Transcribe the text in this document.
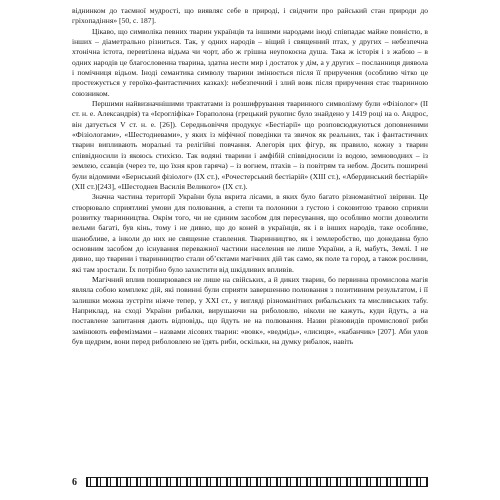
віднинком до таємної мудрості, що виявляє себе в природі, і свідчити про райський стан природи до гріхопадіння» [50, с. 187].

Цікаво, що символіка певних тварин українців та іншими народами іноді співпадає майже повністю, в інших – діаметрально різниться. Так, у одних народів – віщий і священний птах, у других – небезпечна хтонічна істота, перевтілена відьма чи чорт, або ж грішна неупокоєна душа. Така ж історія і з жабою – в одних народів це благословенна тварина, здатна нести мир і достаток у дім, а у других – посланниця диявола і помічниця відьом. Іноді семантика символу тварини змінюється після її приручення (особливо чітко це простежується у героїко-фантастичних казках): небезпечний і злий вовк після приручення стає тваринною союзником.

Першими найвизначнішими трактатами із розшифрування тваринного символізму були «Фізіолог» (ІІ ст. н. е. Александрія) та «Ієрогліфіка» Гораполона (грецький рукопис було знайдено у 1419 році на о. Андрос, він датується V ст. н. е. [26]). Середньовіччя продукує «Бестіарії» що розповсюджуються доповненими «Фізіологами», «Шестодневами», у яких із міфічної поведінки та звичок як реальних, так і фантастичних тварин випливають моральні та релігійні повчання. Алегорія цих фігур, як правило, кожну з тварин співвідносили із якоюсь стихією. Так водяні тварини і амфібій співвідносили із водою, земноводних – із землею, ссавців (через те, що їхня кров гаряча) – із вогнем, птахів – із повітрям та небом. Досить поширені були відомими «Бернський фізіолог» (ІХ ст.), «Рочестерський бестіарій» (ХІІІ ст.), «Абердинський бестіарій» (ХІІ ст.)[243], «Шестоднев Василія Великого» (ІХ ст.).

Значна частина території України була вкрита лісами, в яких було багато різноманітної звірини. Це створювало сприятливі умови для полювання, а степи та полонини з густою і соковитою травою сприяли розвитку тваринництва. Окрім того, чи не єдиним засобом для пересування, що особливо могли дозволити вельми багаті, був кінь, тому і не дивно, що до коней в українців, як і в інших народів, таке особливе, шанобливе, а інколи до них не священне ставлення. Тваринництво, як і землеробство, що донедавна було основним засобом до існування переважної частини населення не лише України, а й, мабуть, Землі. І не дивно, що тварини і тваринництво стали об’єктами магічних дій так само, як поле та город, а також рослини, які там зростали. Їх потрібно було захистити від шкідливих впливів.

Магічний вплив поширювався не лише на свійських, а й диких тварин, бо первинна промислова магія являла собою комплекс дій, які повинні були сприяти завершенню полювання з позитивним результатом, і її залишки можна зустріти ніжче тепер, у ХХІ ст., у вигляді різноманітних рибальських та мисливських табу. Наприклад, на сході України рибалки, вирушаючи на риболовлю, ніколи не кажуть, куди йдуть, а на поставлене запитання дають відповідь, що йдуть не на полювання. Назви різновидів промислової риби замінюють евфемізмами – назвами лісових тварин: «вовк», «ведмідь», «лисиця», «кабанчик» [207]. Аби улов був щедрим, вони перед риболовлею не їдять риби, оскільки, на думку рибалок, навіть

6
